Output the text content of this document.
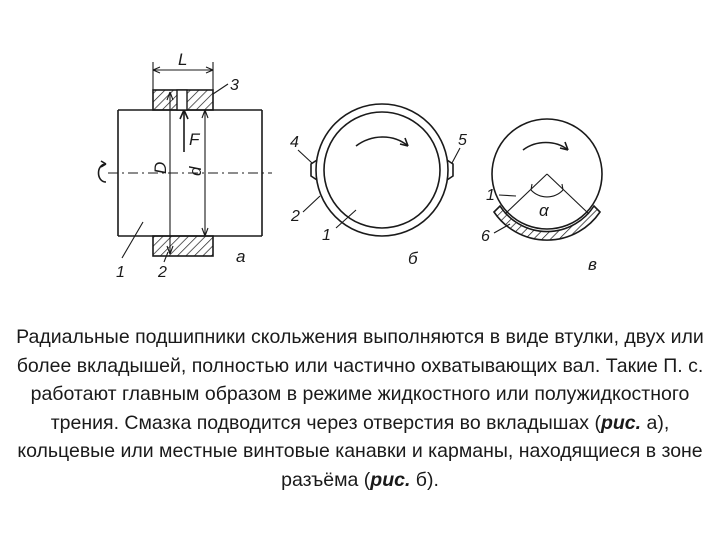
L
D d
F
3
1 2
а
4	5
2
1
б
α
1
6
в
Радиальные подшипники скольжения выполняются в виде втулки, двух или более вкладышей, полностью или частично охватывающих вал. Такие П. с. работают главным образом в режиме жидкостного или полужидкостного трения. Смазка подводится через отверстия во вкладышах (рис. а), кольцевые или местные винтовые канавки и карманы, находящиеся в зоне разъёма (рис. б).
